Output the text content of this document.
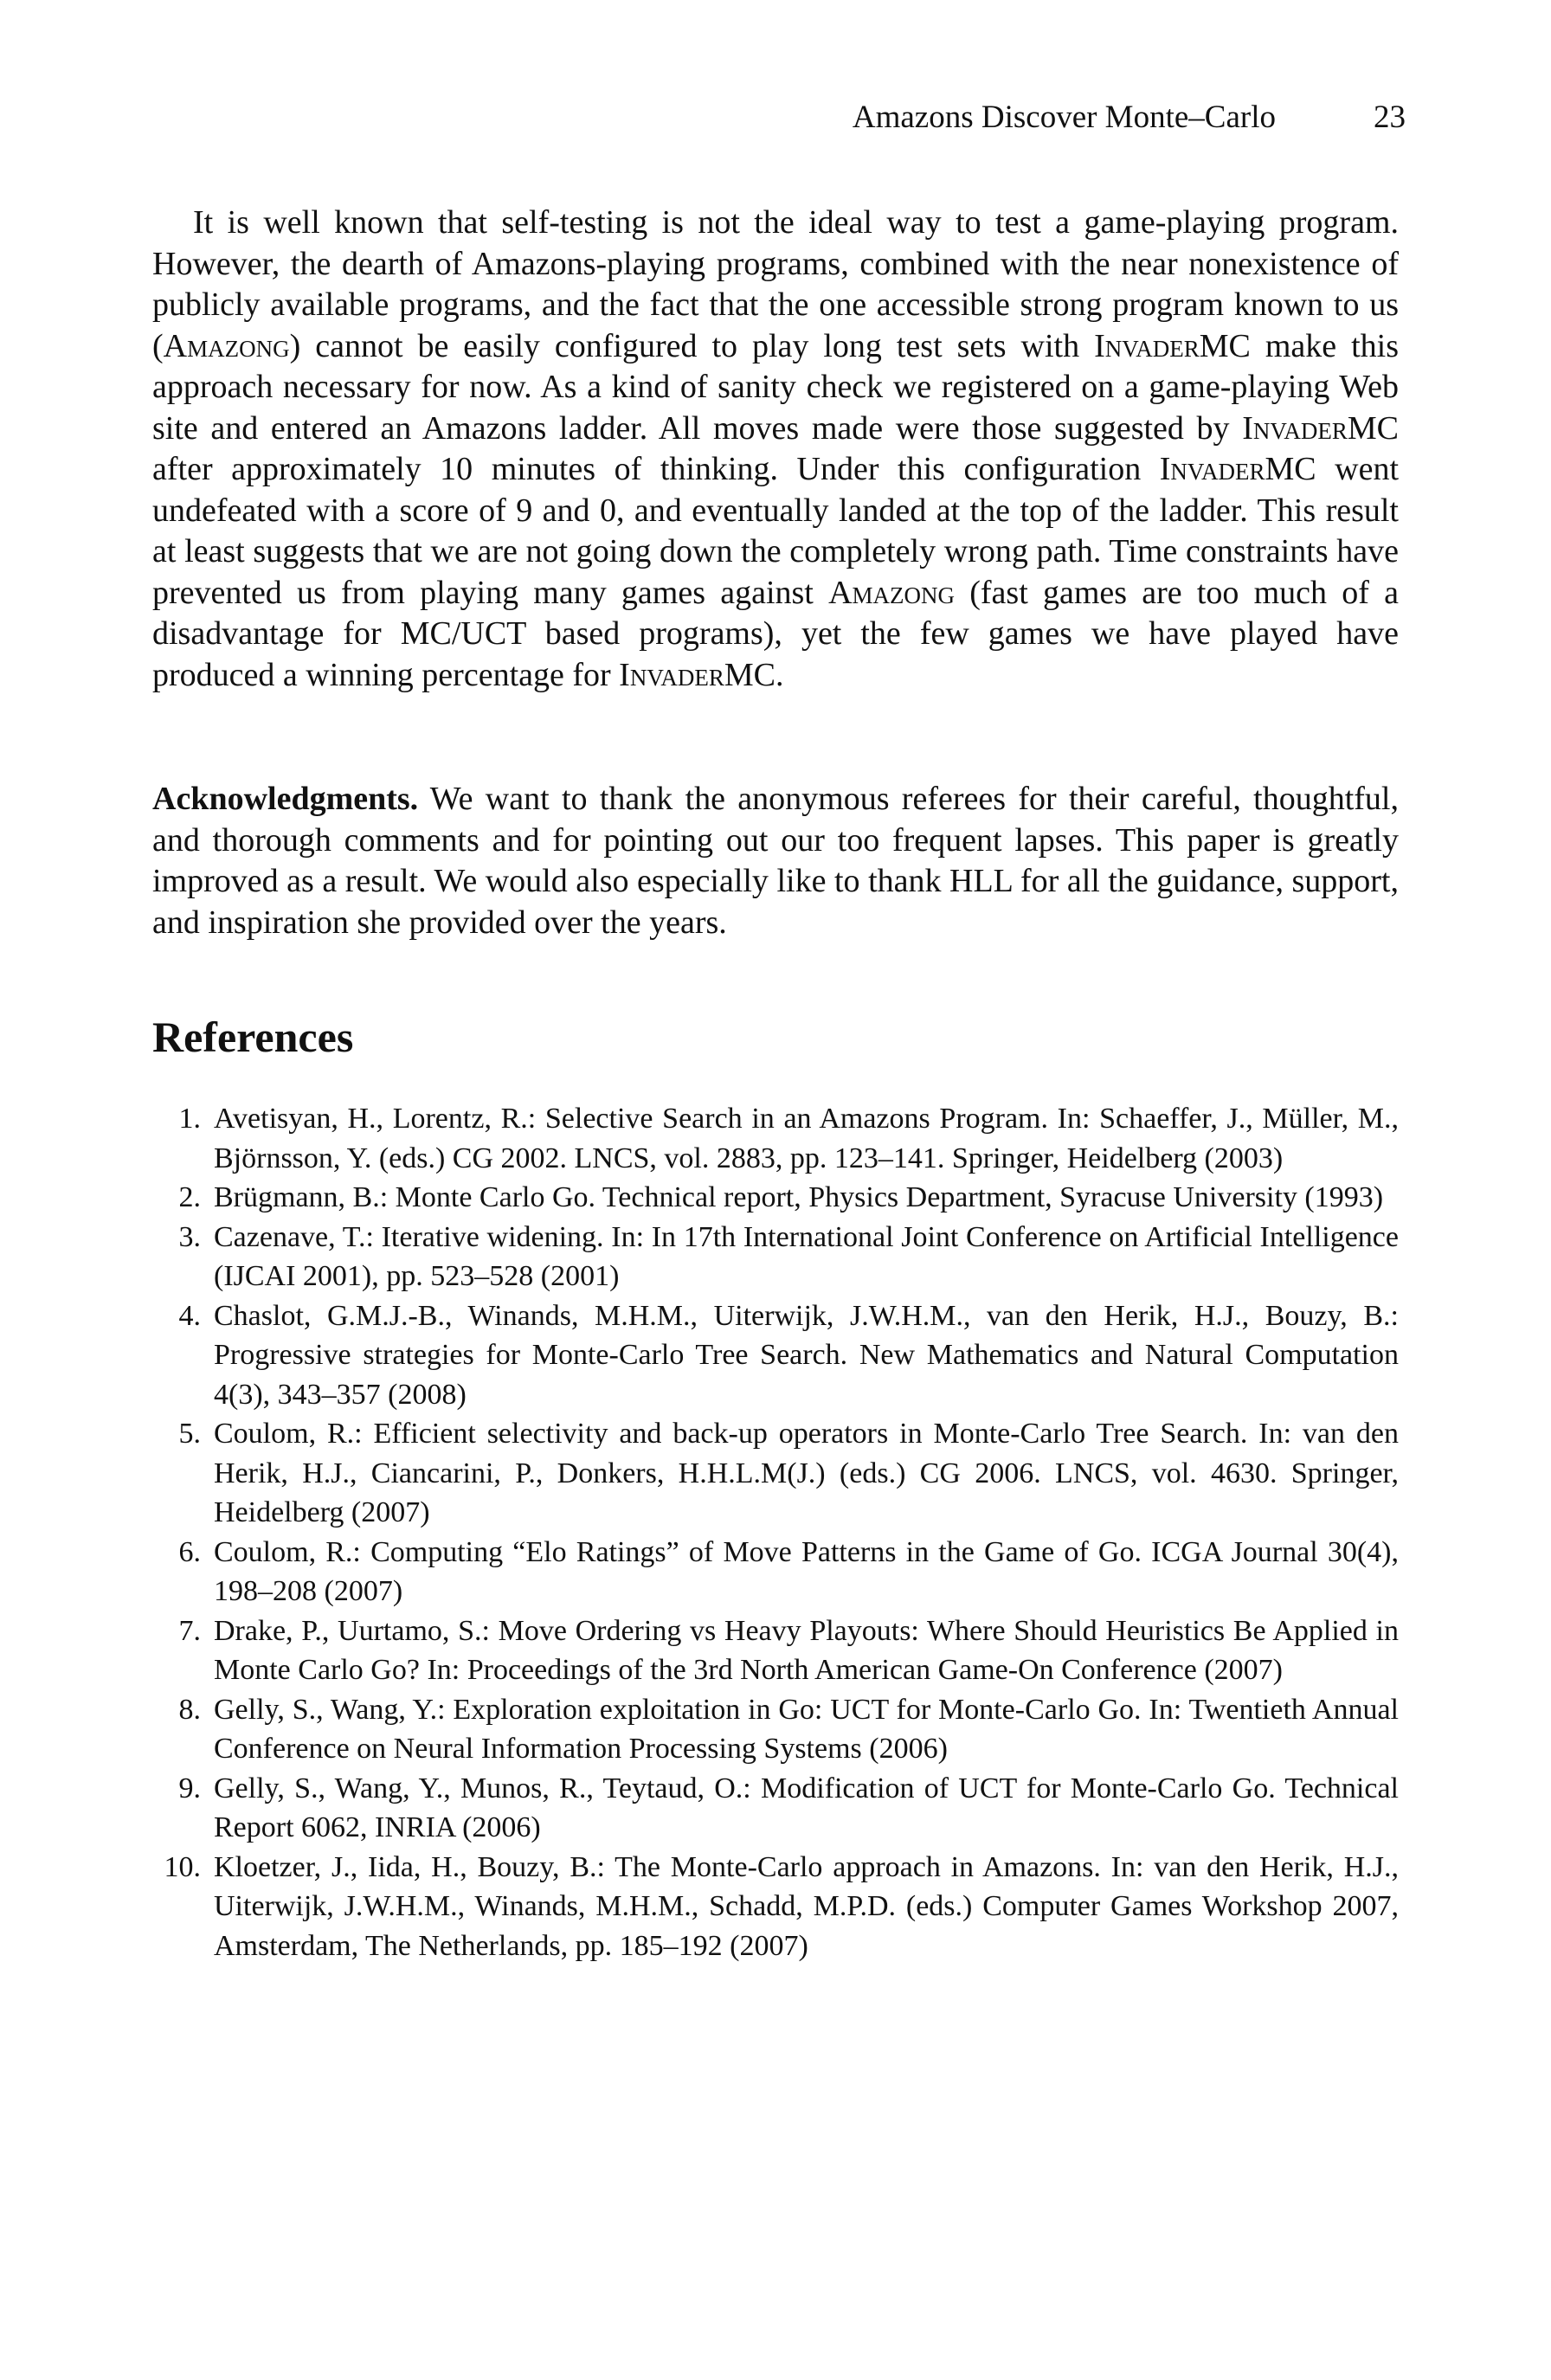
Amazons Discover Monte–Carlo	23

It is well known that self-testing is not the ideal way to test a game-playing program. However, the dearth of Amazons-playing programs, combined with the near nonexistence of publicly available programs, and the fact that the one accessible strong program known to us (Amazong) cannot be easily configured to play long test sets with InvaderMC make this approach necessary for now. As a kind of sanity check we registered on a game-playing Web site and entered an Amazons ladder. All moves made were those suggested by InvaderMC after approximately 10 minutes of thinking. Under this configuration InvaderMC went undefeated with a score of 9 and 0, and eventually landed at the top of the ladder. This result at least suggests that we are not going down the completely wrong path. Time constraints have prevented us from playing many games against Amazong (fast games are too much of a disadvantage for MC/UCT based programs), yet the few games we have played have produced a winning percentage for InvaderMC.

Acknowledgments. We want to thank the anonymous referees for their careful, thoughtful, and thorough comments and for pointing out our too frequent lapses. This paper is greatly improved as a result. We would also especially like to thank HLL for all the guidance, support, and inspiration she provided over the years.

References
1. Avetisyan, H., Lorentz, R.: Selective Search in an Amazons Program. In: Schaeffer, J., Müller, M., Björnsson, Y. (eds.) CG 2002. LNCS, vol. 2883, pp. 123–141. Springer, Heidelberg (2003)
2. Brügmann, B.: Monte Carlo Go. Technical report, Physics Department, Syracuse University (1993)
3. Cazenave, T.: Iterative widening. In: In 17th International Joint Conference on Artificial Intelligence (IJCAI 2001), pp. 523–528 (2001)
4. Chaslot, G.M.J.-B., Winands, M.H.M., Uiterwijk, J.W.H.M., van den Herik, H.J., Bouzy, B.: Progressive strategies for Monte-Carlo Tree Search. New Mathematics and Natural Computation 4(3), 343–357 (2008)
5. Coulom, R.: Efficient selectivity and back-up operators in Monte-Carlo Tree Search. In: van den Herik, H.J., Ciancarini, P., Donkers, H.H.L.M(J.) (eds.) CG 2006. LNCS, vol. 4630. Springer, Heidelberg (2007)
6. Coulom, R.: Computing “Elo Ratings” of Move Patterns in the Game of Go. ICGA Journal 30(4), 198–208 (2007)
7. Drake, P., Uurtamo, S.: Move Ordering vs Heavy Playouts: Where Should Heuristics Be Applied in Monte Carlo Go? In: Proceedings of the 3rd North American Game-On Conference (2007)
8. Gelly, S., Wang, Y.: Exploration exploitation in Go: UCT for Monte-Carlo Go. In: Twentieth Annual Conference on Neural Information Processing Systems (2006)
9. Gelly, S., Wang, Y., Munos, R., Teytaud, O.: Modification of UCT for Monte-Carlo Go. Technical Report 6062, INRIA (2006)
10. Kloetzer, J., Iida, H., Bouzy, B.: The Monte-Carlo approach in Amazons. In: van den Herik, H.J., Uiterwijk, J.W.H.M., Winands, M.H.M., Schadd, M.P.D. (eds.) Computer Games Workshop 2007, Amsterdam, The Netherlands, pp. 185–192 (2007)
